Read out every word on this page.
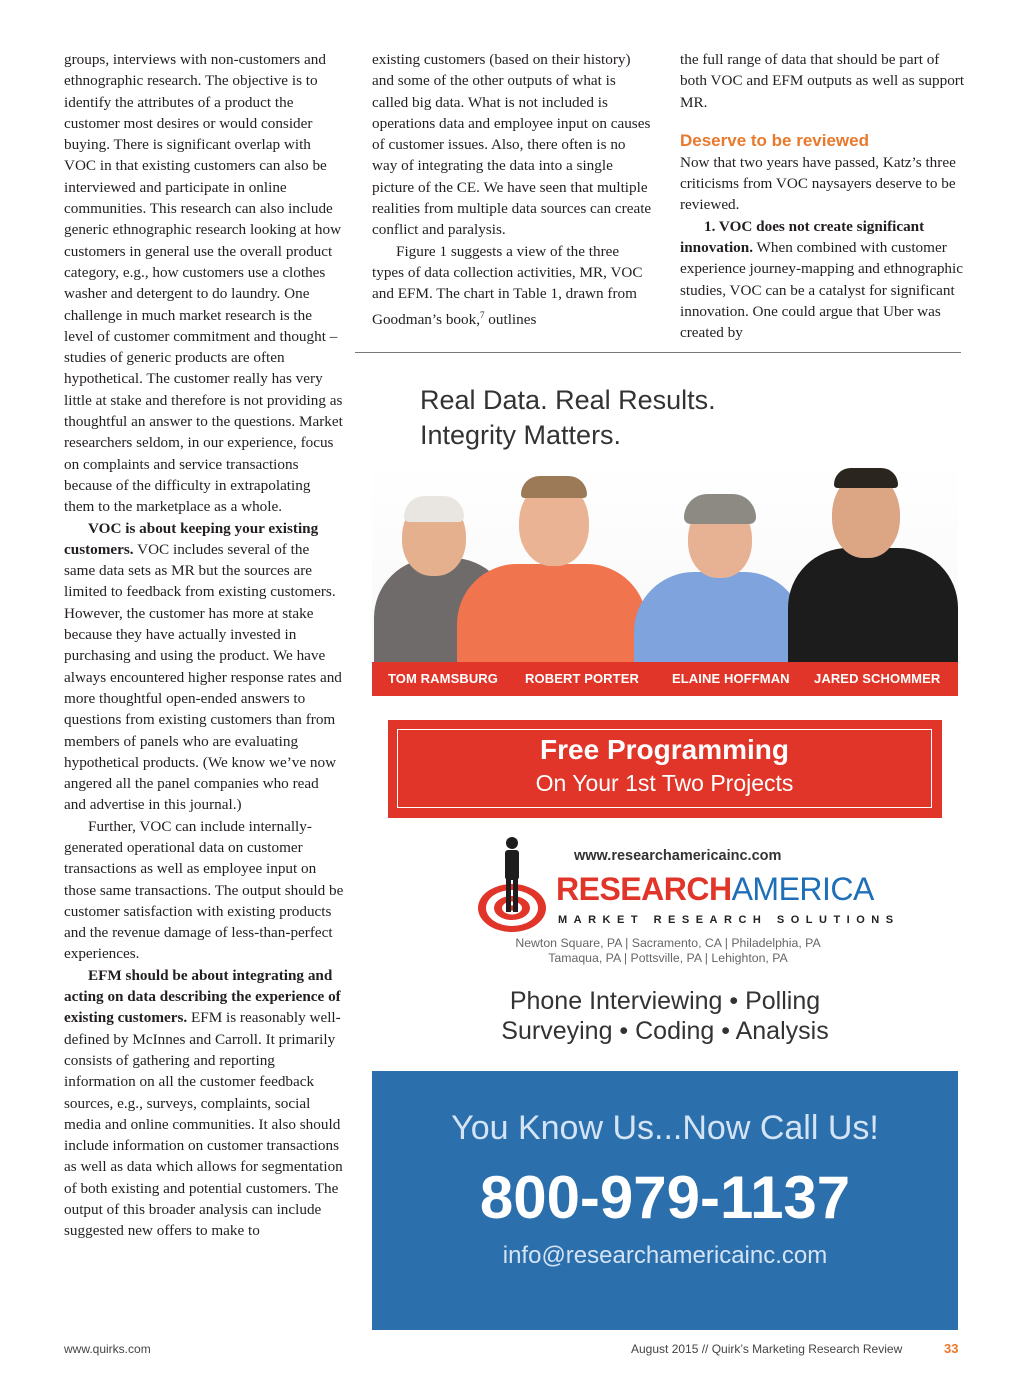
groups, interviews with non-customers and ethnographic research. The objective is to identify the attributes of a product the customer most desires or would consider buying. There is significant overlap with VOC in that existing customers can also be interviewed and participate in online communities. This research can also include generic ethnographic research looking at how customers in general use the overall product category, e.g., how customers use a clothes washer and detergent to do laundry. One challenge in much market research is the level of customer commitment and thought – studies of generic products are often hypothetical. The customer really has very little at stake and therefore is not providing as thoughtful an answer to the questions. Market researchers seldom, in our experience, focus on complaints and service transactions because of the difficulty in extrapolating them to the marketplace as a whole.

VOC is about keeping your existing customers. VOC includes several of the same data sets as MR but the sources are limited to feedback from existing customers. However, the customer has more at stake because they have actually invested in purchasing and using the product. We have always encountered higher response rates and more thoughtful open-ended answers to questions from existing customers than from members of panels who are evaluating hypothetical products. (We know we’ve now angered all the panel companies who read and advertise in this journal.)

Further, VOC can include internally-generated operational data on customer transactions as well as employee input on those same transactions. The output should be customer satisfaction with existing products and the revenue damage of less-than-perfect experiences.

EFM should be about integrating and acting on data describing the experience of existing customers. EFM is reasonably well-defined by McInnes and Carroll. It primarily consists of gathering and reporting information on all the customer feedback sources, e.g., surveys, complaints, social media and online communities. It also should include information on customer transactions as well as data which allows for segmentation of both existing and potential customers. The output of this broader analysis can include suggested new offers to make to

existing customers (based on their history) and some of the other outputs of what is called big data. What is not included is operations data and employee input on causes of customer issues. Also, there often is no way of integrating the data into a single picture of the CE. We have seen that multiple realities from multiple data sources can create conflict and paralysis.

Figure 1 suggests a view of the three types of data collection activities, MR, VOC and EFM. The chart in Table 1, drawn from Goodman’s book,$^7$ outlines

the full range of data that should be part of both VOC and EFM outputs as well as support MR.

Deserve to be reviewed

Now that two years have passed, Katz’s three criticisms from VOC naysayers deserve to be reviewed.

1. VOC does not create significant innovation. When combined with customer experience journey-mapping and ethnographic studies, VOC can be a catalyst for significant innovation. One could argue that Uber was created by

Real Data. Real Results.
Integrity Matters.
TOM RAMSBURG ROBERT PORTER	ELAINE HOFFMAN JARED SCHOMMER
Free Programming
On Your 1st Two Projects
www.researchamericainc.com
RESEARCHAMERICA
MARKET RESEARCH SOLUTIONS
Newton Square, PA | Sacramento, CA | Philadelphia, PA
Tamaqua, PA | Pottsville, PA | Lehighton, PA
Phone Interviewing • Polling
Surveying • Coding • Analysis
You Know Us...Now Call Us!
800-979-1137
info@researchamericainc.com
www.quirks.com	August 2015 // Quirk’s Marketing Research Review	33
